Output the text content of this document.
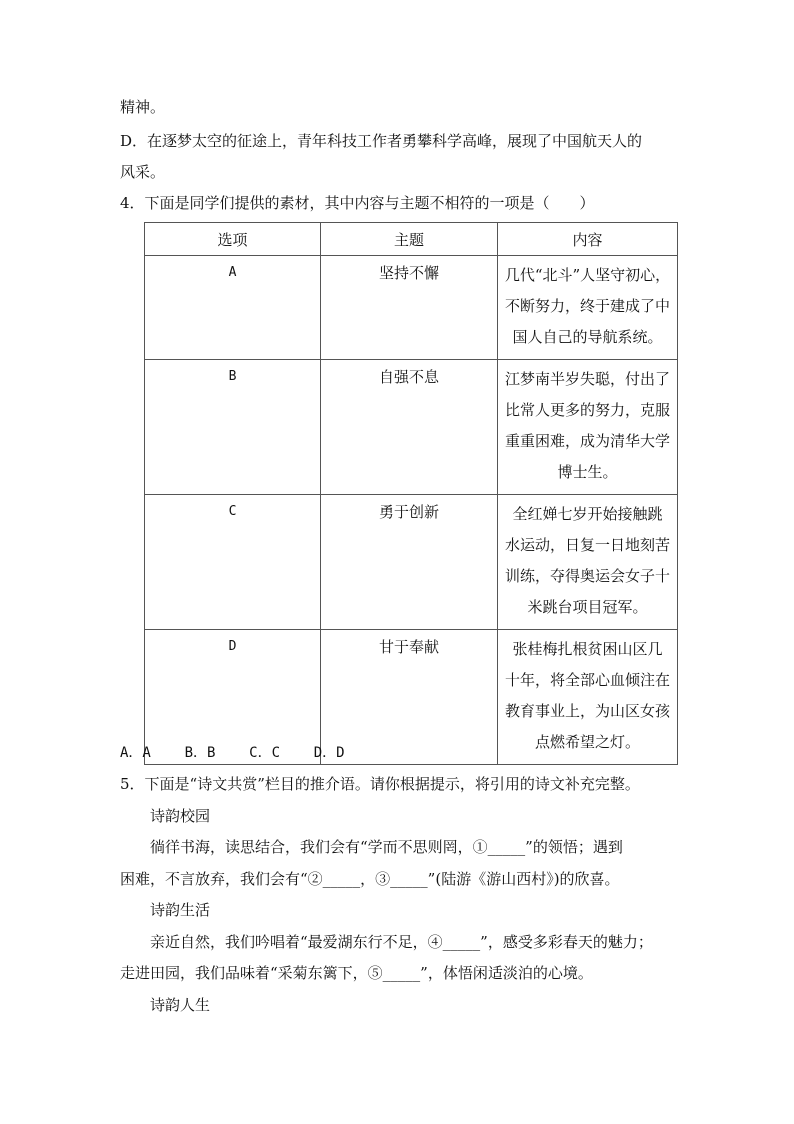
精神。
D．在逐梦太空的征途上，青年科技工作者勇攀科学高峰，展现了中国航天人的
风采。
4．下面是同学们提供的素材，其中内容与主题不相符的一项是（　　）
选项	主题	内容
A	坚持不懈	几代“北斗”人坚守初心，
不断努力，终于建成了中
国人自己的导航系统。

B	自强不息	江梦南半岁失聪，付出了
比常人更多的努力，克服
重重困难，成为清华大学
博士生。

C	勇于创新	全红婵七岁开始接触跳
水运动，日复一日地刻苦
训练，夺得奥运会女子十
米跳台项目冠军。

D	甘于奉献	张桂梅扎根贫困山区几
十年，将全部心血倾注在
教育事业上，为山区女孩
点燃希望之灯。
A．A    B．B    C．C    D．D
5．下面是“诗文共赏”栏目的推介语。请你根据提示，将引用的诗文补充完整。
诗韵校园
徜徉书海，读思结合，我们会有“学而不思则罔，①_____”的领悟；遇到
困难，不言放弃，我们会有“②_____，③_____”(陆游《游山西村》)的欣喜。
诗韵生活
亲近自然，我们吟唱着“最爱湖东行不足，④_____”，感受多彩春天的魅力；
走进田园，我们品味着“采菊东篱下，⑤_____”，体悟闲适淡泊的心境。
诗韵人生
